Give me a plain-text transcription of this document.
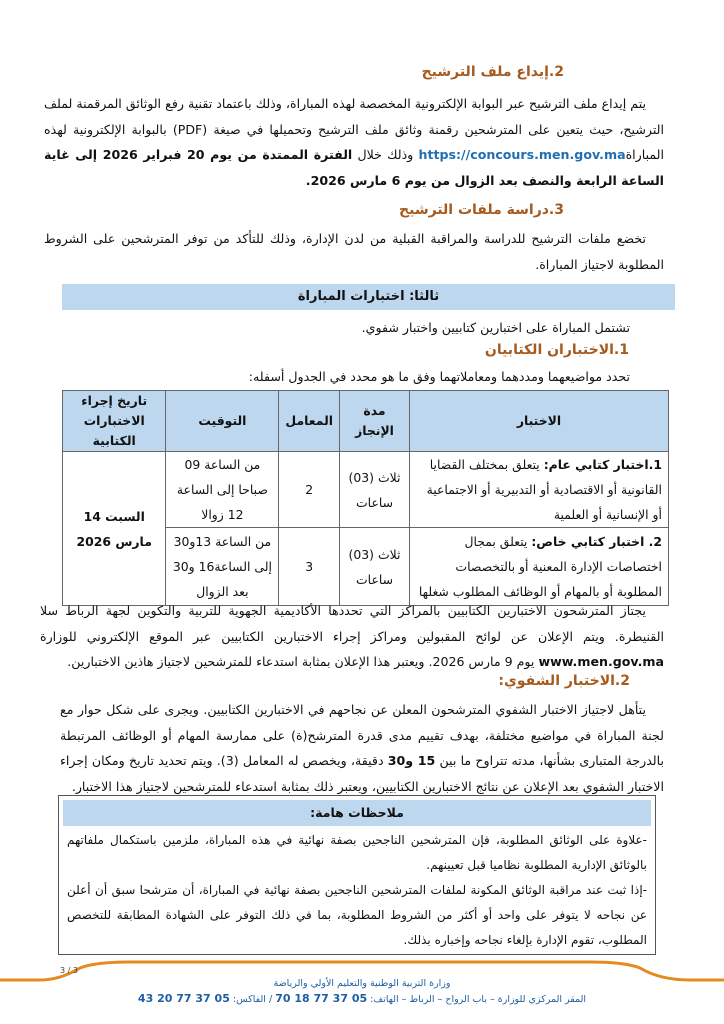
2.إيداع ملف الترشيح
يتم إيداع ملف الترشيح عبر البوابة الإلكترونية المخصصة لهذه المباراة، وذلك باعتماد تقنية رفع الوثائق المرقمنة لملف الترشيح، حيث يتعين على المترشحين رقمنة وثائق ملف الترشيح وتحميلها في صيغة (PDF) بالبوابة الإلكترونية لهذه المباراةhttps://concours.men.gov.ma وذلك خلال الفترة الممتدة من يوم 20 فبراير 2026 إلى غاية الساعة الرابعة والنصف بعد الزوال من يوم 6 مارس 2026.
3.دراسة ملفات الترشيح
تخضع ملفات الترشيح للدراسة والمراقبة القبلية من لدن الإدارة، وذلك للتأكد من توفر المترشحين على الشروط المطلوبة لاجتياز المباراة.
ثالثا: اختبارات المباراة
تشتمل المباراة على اختبارين كتابيين واختبار شفوي.
1.الاختباران الكتابيان
تحدد مواضيعهما ومددهما ومعاملاتهما وفق ما هو محدد في الجدول أسفله:
الاختبار	مدة الإنجاز	المعامل	التوقيت	تاريخ إجراء الاختبارات الكتابية
1.اختبار كتابي عام: يتعلق بمختلف القضايا القانونية أو الاقتصادية أو التدبيرية أو الاجتماعية أو الإنسانية أو العلمية	ثلاث (03) ساعات	2	من الساعة 09 صباحا إلى الساعة 12 زوالا	السبت 14 مارس 2026
2. اختبار كتابي خاص: يتعلق بمجال اختصاصات الإدارة المعنية أو بالتخصصات المطلوبة أو بالمهام أو الوظائف المطلوب شغلها	ثلاث (03) ساعات	3	من الساعة 13و30 إلى الساعة16 و30 بعد الزوال	
يجتاز المترشحون الاختبارين الكتابيين بالمراكز التي تحددها الأكاديمية الجهوية للتربية والتكوين لجهة الرباط سلا القنيطرة. ويتم الإعلان عن لوائح المقبولين ومراكز إجراء الاختبارين الكتابيين عبر الموقع الإلكتروني للوزارة www.men.gov.ma يوم 9 مارس 2026. ويعتبر هذا الإعلان بمثابة استدعاء للمترشحين لاجتياز هاذين الاختبارين.
2.الاختبار الشفوي:
يتأهل لاجتياز الاختبار الشفوي المترشحون المعلن عن نجاحهم في الاختبارين الكتابيين. ويجرى على شكل حوار مع لجنة المباراة في مواضيع مختلفة، بهدف تقييم مدى قدرة المترشح(ة) على ممارسة المهام أو الوظائف المرتبطة بالدرجة المتبارى بشأنها، مدته تتراوح ما بين 15 و30 دقيقة، ويخصص له المعامل (3). ويتم تحديد تاريخ ومكان إجراء الاختبار الشفوي بعد الإعلان عن نتائج الاختبارين الكتابيين، ويعتبر ذلك بمثابة استدعاء للمترشحين لاجتياز هذا الاختبار.
ملاحظات هامة:
-علاوة على الوثائق المطلوبة، فإن المترشحين الناجحين بصفة نهائية في هذه المباراة، ملزمين باستكمال ملفاتهم بالوثائق الإدارية المطلوبة نظاميا قبل تعيينهم.
-إذا ثبت عند مراقبة الوثائق المكونة لملفات المترشحين الناجحين بصفة نهائية في المباراة، أن مترشحا سبق أن أعلن عن نجاحه لا يتوفر على واحد أو أكثر من الشروط المطلوبة، بما في ذلك التوفر على الشهادة المطابقة للتخصص المطلوب، تقوم الإدارة بإلغاء نجاحه وإخباره بذلك.
3 / 3
وزارة التربية الوطنية والتعليم الأولي والرياضة
المقر المركزي للوزارة – باب الرواح – الرباط – الهاتف: 05 37 77 18 70 / الفاكس: 05 37 77 20 43
